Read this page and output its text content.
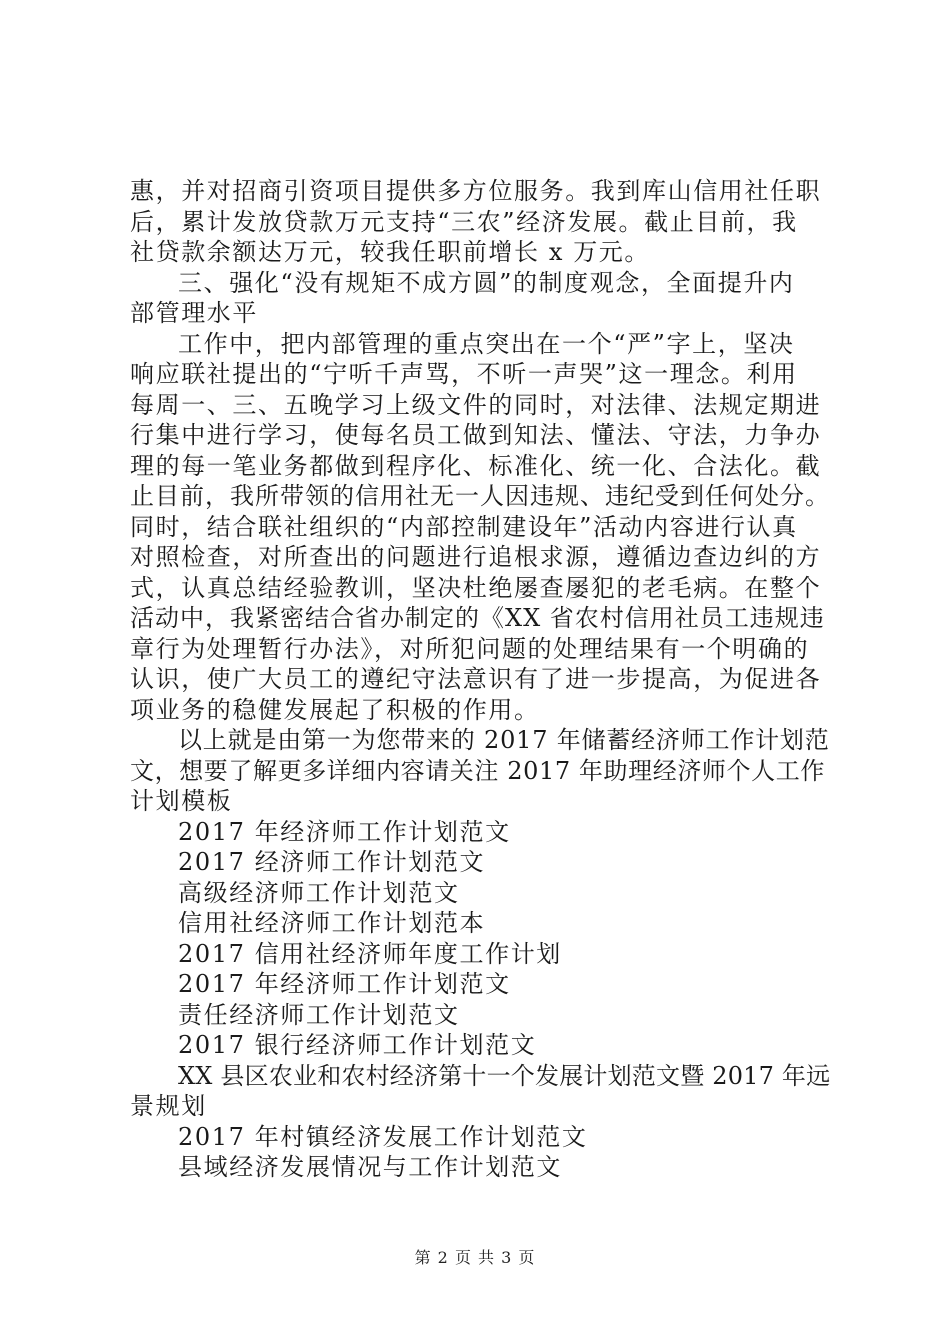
惠，并对招商引资项目提供多方位服务。我到库山信用社任职
后，累计发放贷款万元支持“三农”经济发展。截止目前，我
社贷款余额达万元，较我任职前增长 x 万元。
三、强化“没有规矩不成方圆”的制度观念，全面提升内
部管理水平
工作中，把内部管理的重点突出在一个“严”字上，坚决
响应联社提出的“宁听千声骂，不听一声哭”这一理念。利用
每周一、三、五晚学习上级文件的同时，对法律、法规定期进
行集中进行学习，使每名员工做到知法、懂法、守法，力争办
理的每一笔业务都做到程序化、标准化、统一化、合法化。截
止目前，我所带领的信用社无一人因违规、违纪受到任何处分。
同时，结合联社组织的“内部控制建设年”活动内容进行认真
对照检查，对所查出的问题进行追根求源，遵循边查边纠的方
式，认真总结经验教训，坚决杜绝屡查屡犯的老毛病。在整个
活动中，我紧密结合省办制定的《XX 省农村信用社员工违规违
章行为处理暂行办法》，对所犯问题的处理结果有一个明确的
认识，使广大员工的遵纪守法意识有了进一步提高，为促进各
项业务的稳健发展起了积极的作用。
以上就是由第一为您带来的 2017 年储蓄经济师工作计划范
文，想要了解更多详细内容请关注 2017 年助理经济师个人工作
计划模板
2017 年经济师工作计划范文
2017 经济师工作计划范文
高级经济师工作计划范文
信用社经济师工作计划范本
2017 信用社经济师年度工作计划
2017 年经济师工作计划范文
责任经济师工作计划范文
2017 银行经济师工作计划范文
XX 县区农业和农村经济第十一个发展计划范文暨 2017 年远
景规划
2017 年村镇经济发展工作计划范文
县域经济发展情况与工作计划范文
第 2 页 共 3 页
